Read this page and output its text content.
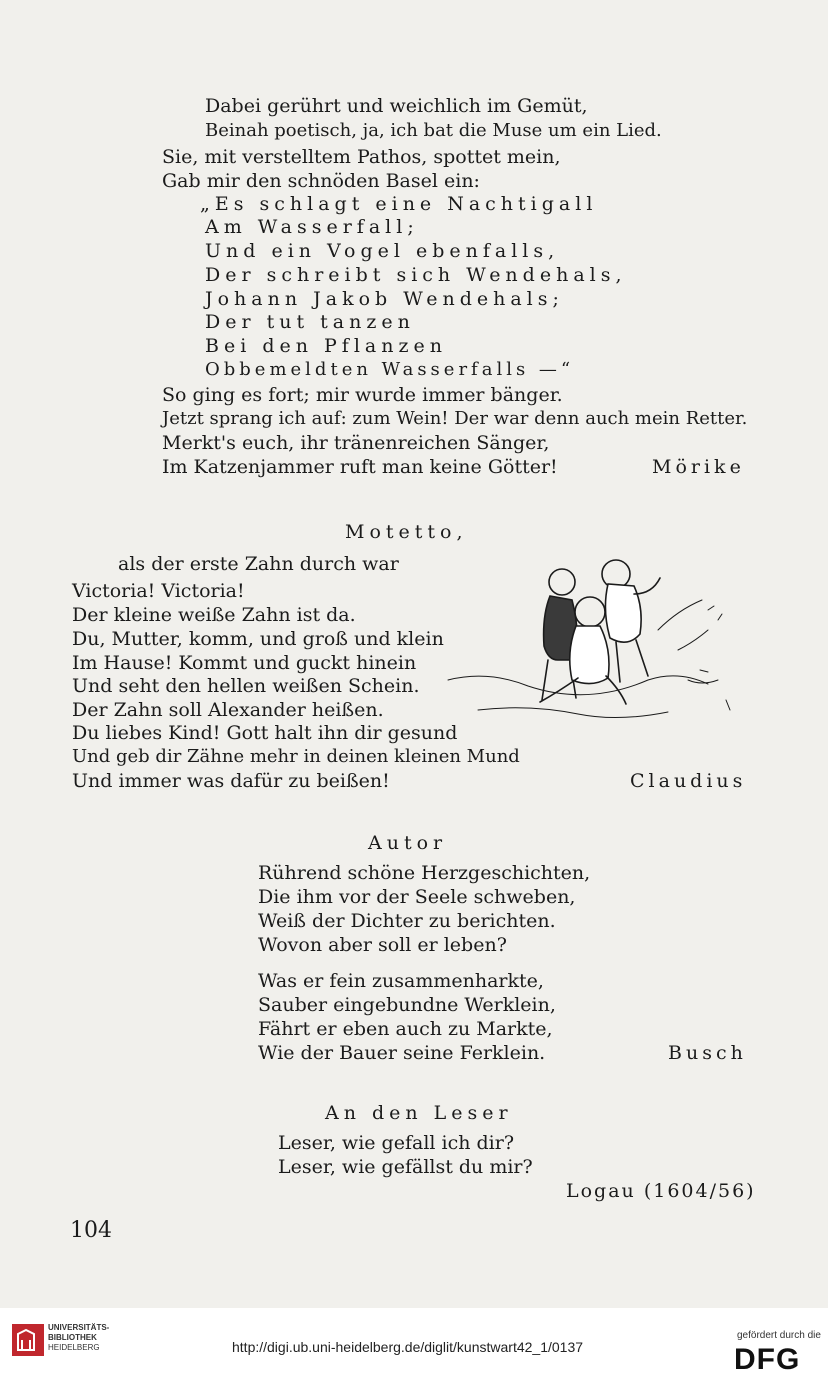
Dabei gerührt und weichlich im Gemüt,
Beinah poetisch, ja, ich bat die Muse um ein Lied.
Sie, mit verstelltem Pathos, spottet mein,
Gab mir den schnöden Basel ein:
„Es schlagt eine Nachtigall
Am Wasserfall;
Und ein Vogel ebenfalls,
Der schreibt sich Wendehals,
Johann Jakob Wendehals;
Der tut tanzen
Bei den Pflanzen
Obbemeldten Wasserfalls —“
So ging es fort; mir wurde immer bänger.
Jetzt sprang ich auf: zum Wein! Der war denn auch mein Retter.
Merkt's euch, ihr tränenreichen Sänger,
Im Katzenjammer ruft man keine Götter!	Mörike
Motetto,
als der erste Zahn durch war
Victoria! Victoria!
Der kleine weiße Zahn ist da.
Du, Mutter, komm, und groß und klein
Im Hause! Kommt und guckt hinein
Und seht den hellen weißen Schein.
Der Zahn soll Alexander heißen.
Du liebes Kind! Gott halt ihn dir gesund
Und geb dir Zähne mehr in deinen kleinen Mund
Und immer was dafür zu beißen!	Claudius
Autor
Rührend schöne Herzgeschichten,
Die ihm vor der Seele schweben,
Weiß der Dichter zu berichten.
Wovon aber soll er leben?
Was er fein zusammenharkte,
Sauber eingebundne Werklein,
Fährt er eben auch zu Markte,
Wie der Bauer seine Ferklein.	Busch
An den Leser
Leser, wie gefall ich dir?
Leser, wie gefällst du mir?
Logau (1604/56)
104
UNIVERSITÄTS-
BIBLIOTHEK
HEIDELBERG	http://digi.ub.uni-heidelberg.de/diglit/kunstwart42_1/0137
gefördert durch die
DFG
